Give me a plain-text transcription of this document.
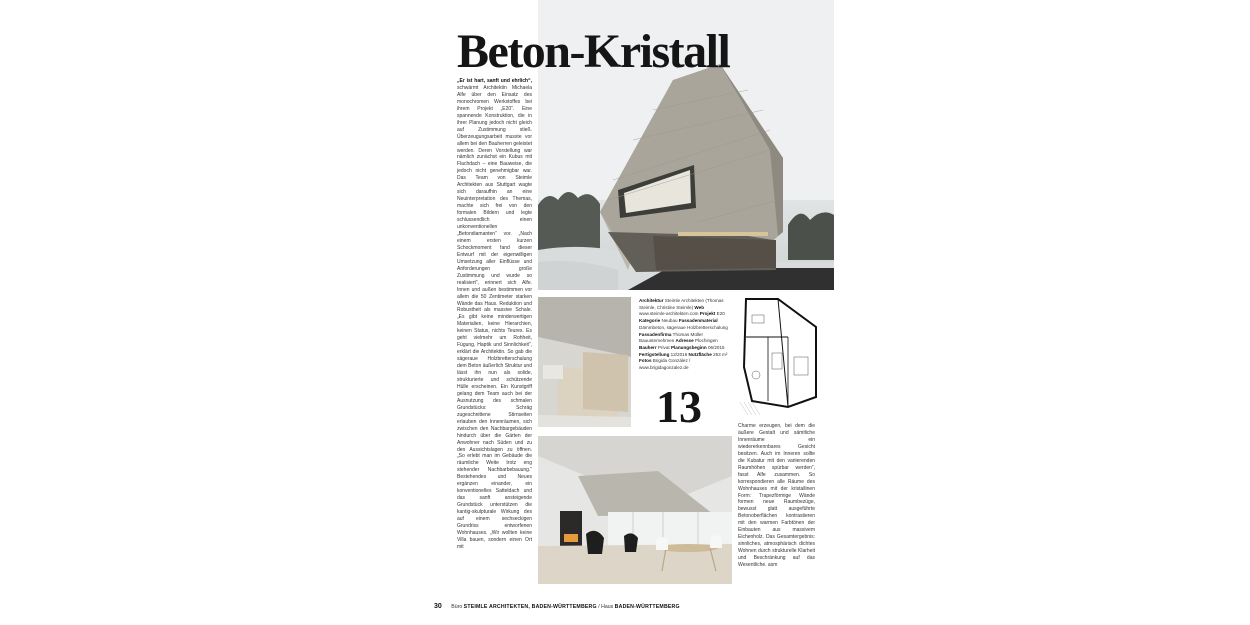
Beton-Kristall
„Er ist hart, sanft und ehrlich“, schwärmt Architektin Michaela Alfe über den Einsatz des monochromen Werkstoffes bei ihrem Projekt „E20“. Eine spannende Konstruktion, die in ihrer Planung jedoch nicht gleich auf Zustimmung stieß. Überzeugungsarbeit musste vor allem bei den Bauherren geleistet werden. Deren Vorstellung war nämlich zunächst ein Kubus mit Flachdach – eine Bauweise, die jedoch nicht genehmigbar war. Das Team von Steimle Architekten aus Stuttgart wagte sich daraufhin an eine Neuinterpretation des Themas, machte sich frei von den formalen Bildern und legte schlussendlich einen unkonventionellen „Betondiamanten“ vor. „Nach einem ersten kurzen Schockmoment fand dieser Entwurf mit der eigenwilligen Umsetzung aller Einflüsse und Anforderungen große Zustimmung und wurde so realisiert“, erinnert sich Alfe. Innen und außen bestimmen vor allem die 50 Zentimeter starken Wände das Haus. Reduktion und Robustheit als massive Schale. „Es gibt keine minderwertigen Materialien, keine Hierarchien, keinen Status, nichts Teures. Es geht vielmehr um Rohheit, Fügung, Haptik und Sinnlichkeit“, erklärt die Architektin. So gab die sägeraue Holzbretterschalung dem Beton äußerlich Struktur und lässt ihn nun als solide, strukturierte und schützende Hülle erscheinen. Ein Kunstgriff gelang dem Team auch bei der Ausnutzung des schmalen Grundstücks: Schräg zugeschnittene Stirnseiten erlauben den Innenräumen, sich zwischen den Nachbargebäuden hindurch über die Gärten der Anwohner nach Süden und zu den Aussichtslagen zu öffnen. „So erlebt man im Gebäude die räumliche Weite trotz eng stehender Nachbarbebauung.“ Bestehendes und Neues ergänzen einander, ein konventionelles Satteldach und das sanft ansteigende Grundstück unterstützen die kantig-skulpturale Wirkung des auf einem sechseckigen Grundriss entworfenen Wohnhauses. „Wir wollten keine Villa bauen, sondern einen Ort mit
Architektur Steimle Architekten (Thomas Steimle, Christine Steimle) Web www.steimle-architekten.com Projekt E20 Kategorie Neubau Fassadenmaterial Dämmbeton, sägeraue Holzbretterschalung Fassadenfirma Thomas Müller Bauunternehmen Adresse Plochingen Bauherr Privat Planungsbeginn 06/2015 Fertigstellung 12/2016 Nutzfläche 253 m² Fotos Brigida González / www.brigidagonzalez.de
13	Charme erzeugen, bei dem die äußere Gestalt und sämtliche Innenräume ein wiedererkennbares Gesicht besitzen. Auch im Inneren sollte die Kubatur mit den variierenden Raumhöhen spürbar werden“, fasst Alfe zusammen. So korrespondieren alle Räume des Wohnhauses mit der kristallinen Form: Trapezförmige Wände formen neue Raumbezüge, bewusst glatt ausgeführte Betonoberflächen kontrastieren mit den warmen Farbtönen der Einbauten aus massivem Eichenholz. Das Gesamtergebnis: sinnliches, atmosphärisch dichtes Wohnen durch strukturelle Klarheit und Beschränkung auf das Wesentliche. asm
30 Büro STEIMLE ARCHITEKTEN, BADEN-WÜRTTEMBERG / Haus BADEN-WÜRTTEMBERG
